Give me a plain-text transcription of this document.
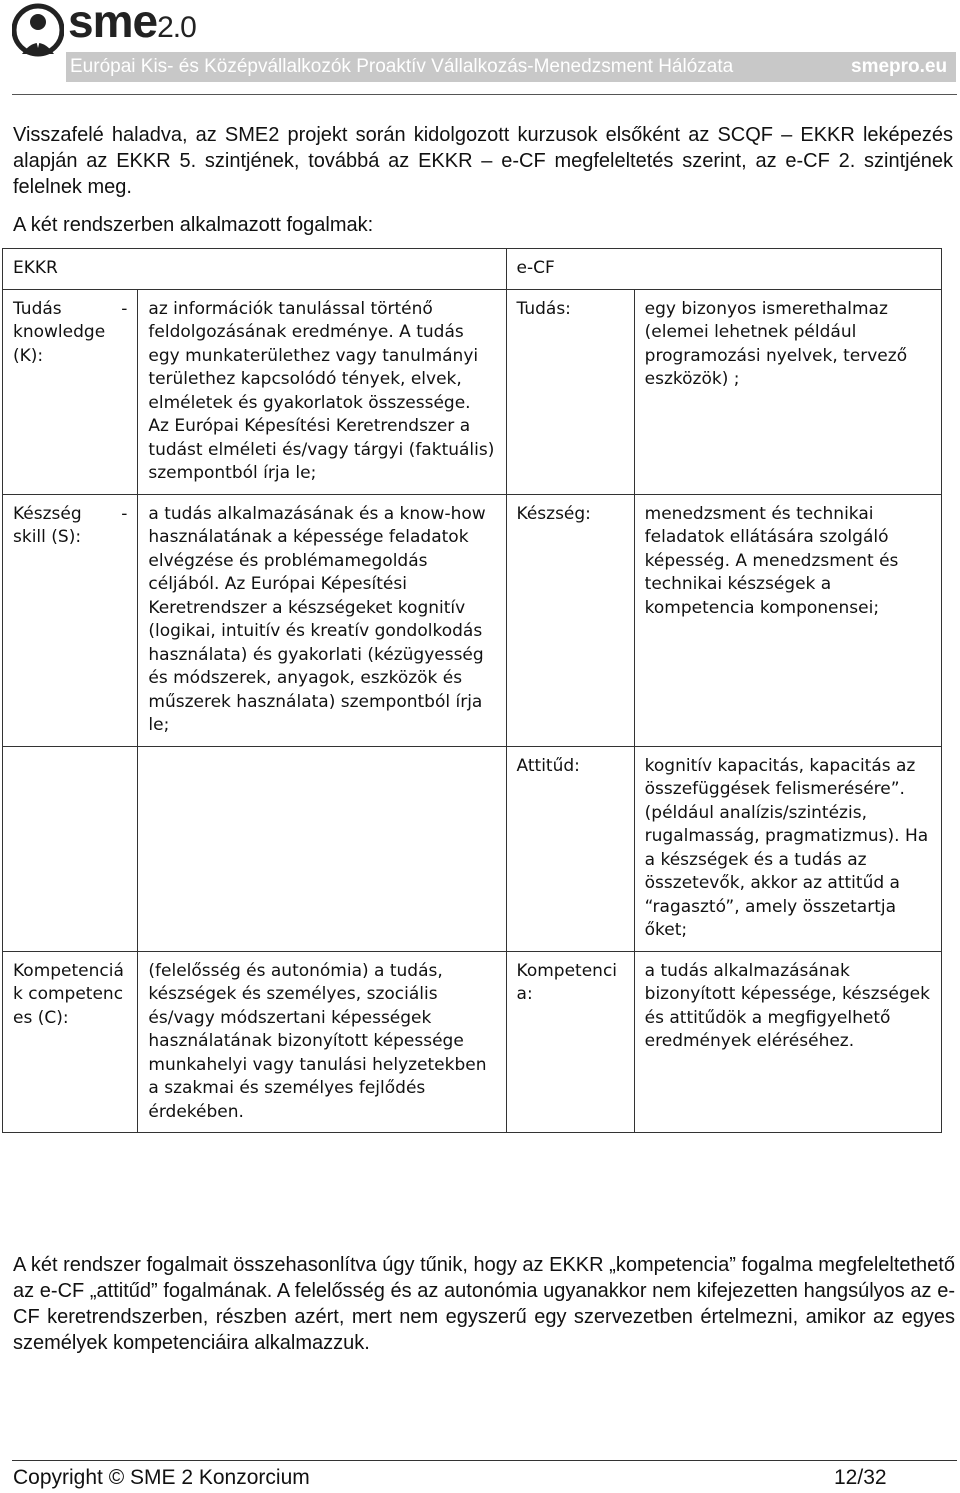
sme2.0
Európai Kis- és Középvállalkozók Proaktív Vállalkozás-Menedzsment Hálózata	smepro.eu
Visszafelé haladva, az SME2 projekt során kidolgozott kurzusok elsőként az SCQF – EKKR leképezés alapján az EKKR 5. szintjének, továbbá az EKKR – e-CF megfeleltetés szerint, az e-CF 2. szintjének felelnek meg.
A két rendszerben alkalmazott fogalmak:
EKKR		e-CF	
Tudás - knowledge (K):	az információk tanulással történő feldolgozásának eredménye. A tudás egy munkaterülethez vagy tanulmányi területhez kapcsolódó tények, elvek, elméletek és gyakorlatok összessége. Az Európai Képesítési Keretrendszer a tudást elméleti és/vagy tárgyi (faktuális) szempontból írja le;	Tudás:	egy bizonyos ismerethalmaz (elemei lehetnek például programozási nyelvek, tervező eszközök) ;
Készség - skill (S):	a tudás alkalmazásának és a know-how használatának a képessége feladatok elvégzése és problémamegoldás céljából. Az Európai Képesítési Keretrendszer a készségeket kognitív (logikai, intuitív és kreatív gondolkodás használata) és gyakorlati (kézügyesség és módszerek, anyagok, eszközök és műszerek használata) szempontból írja le;	Készség:	menedzsment és technikai feladatok ellátására szolgáló képesség. A menedzsment és technikai készségek a kompetencia komponensei;
		Attitűd:	kognitív kapacitás, kapacitás az összefüggések felismerésére”. (például analízis/szintézis, rugalmasság, pragmatizmus). Ha a készségek és a tudás az összetevők, akkor az attitűd a “ragasztó”, amely összetartja őket;
Kompetenciák competences (C):	(felelősség és autonómia) a tudás, készségek és személyes, szociális és/vagy módszertani képességek használatának bizonyított képessége munkahelyi vagy tanulási helyzetekben a szakmai és személyes fejlődés érdekében.	Kompetencia:	a tudás alkalmazásának bizonyított képessége, készségek és attitűdök a megfigyelhető eredmények eléréséhez.
A két rendszer fogalmait összehasonlítva úgy tűnik, hogy az EKKR „kompetencia” fogalma megfeleltethető az e-CF „attitűd” fogalmának. A felelősség és az autonómia ugyanakkor nem kifejezetten hangsúlyos az e-CF keretrendszerben, részben azért, mert nem egyszerű egy szervezetben értelmezni, amikor az egyes személyek kompetenciáira alkalmazzuk.
Copyright © SME 2 Konzorcium	12/32
